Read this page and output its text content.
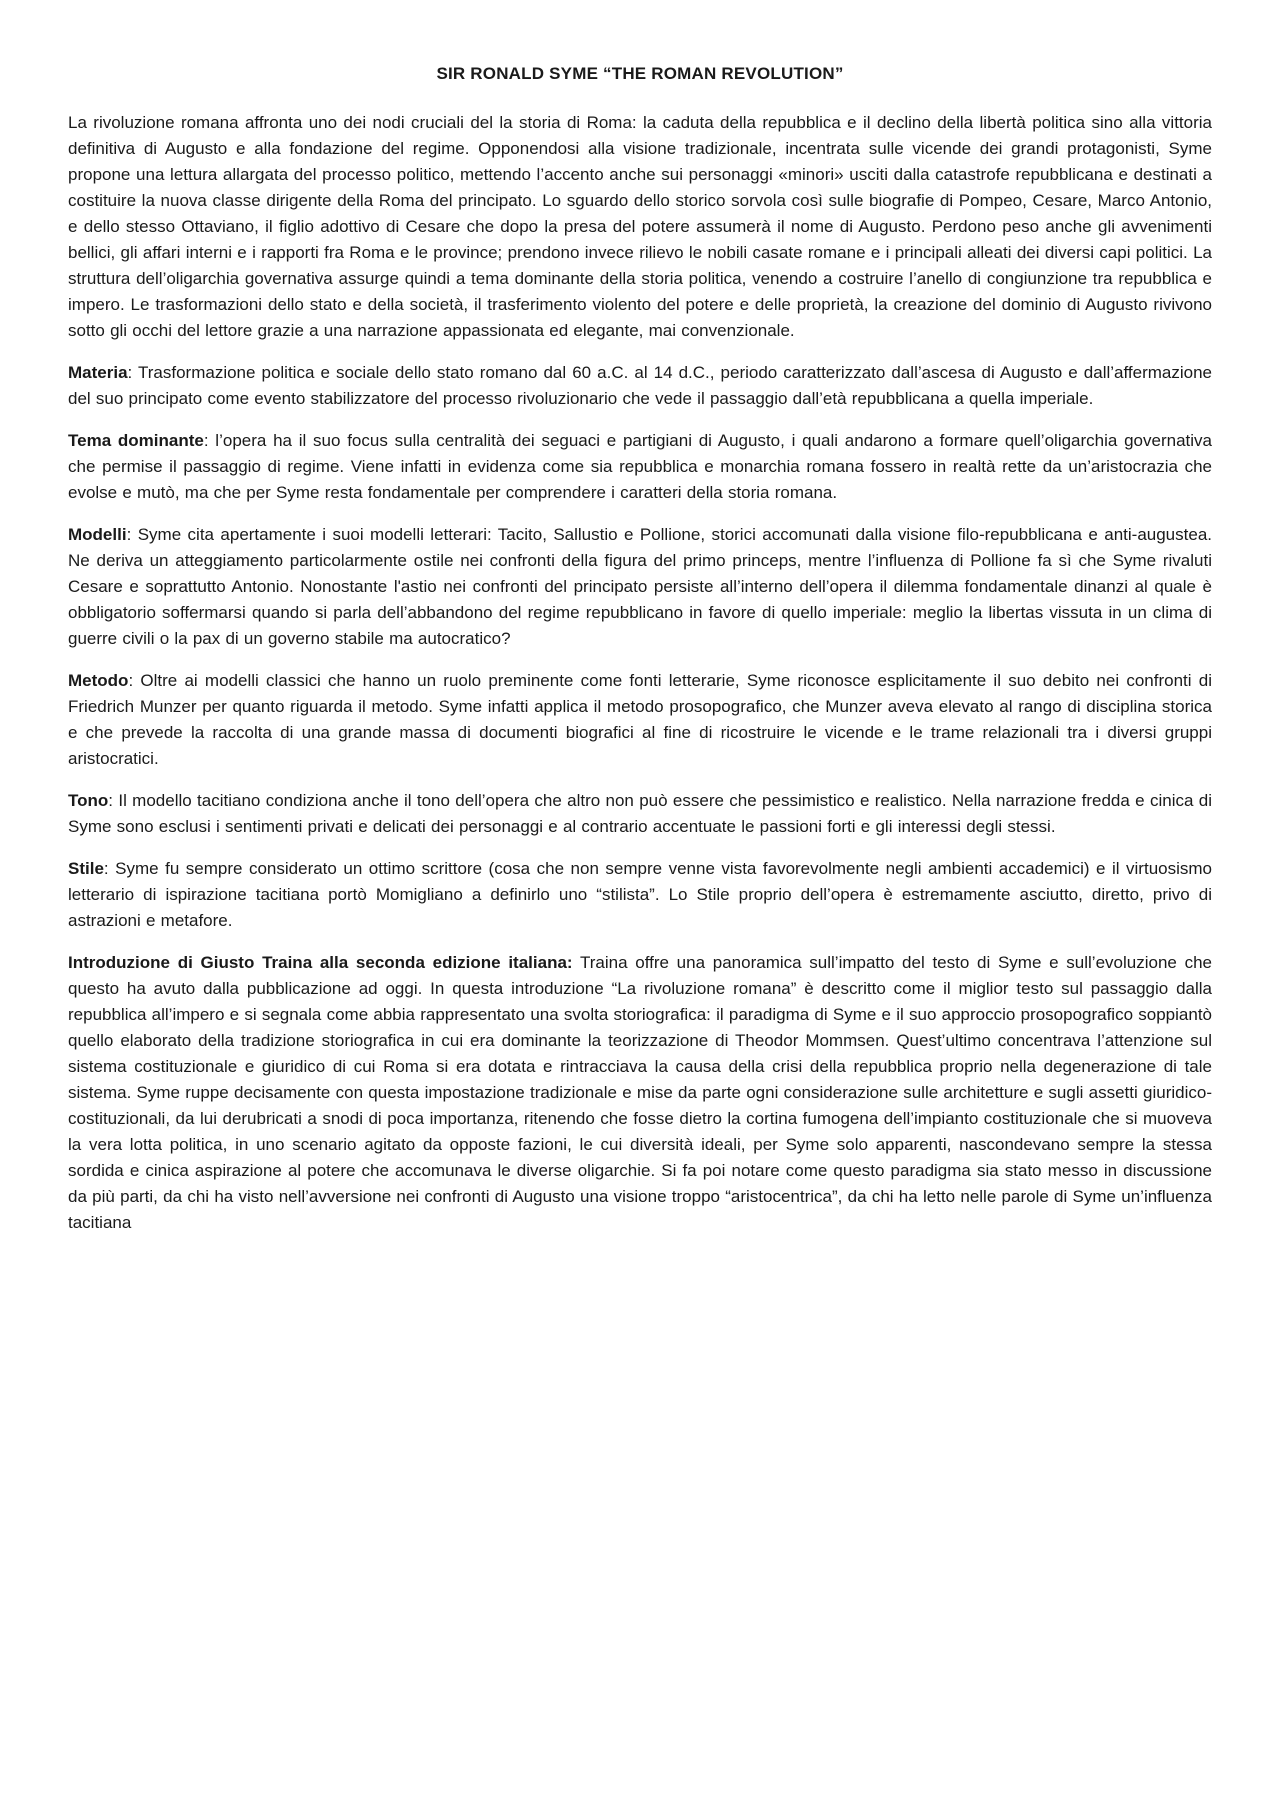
SIR RONALD SYME “THE ROMAN REVOLUTION”

La rivoluzione romana affronta uno dei nodi cruciali del la storia di Roma: la caduta della repubblica e il declino della libertà politica sino alla vittoria definitiva di Augusto e alla fondazione del regime. Opponendosi alla visione tradizionale, incentrata sulle vicende dei grandi protagonisti, Syme propone una lettura allargata del processo politico, mettendo l’accento anche sui personaggi «minori» usciti dalla catastrofe repubblicana e destinati a costituire la nuova classe dirigente della Roma del principato. Lo sguardo dello storico sorvola così sulle biografie di Pompeo, Cesare, Marco Antonio, e dello stesso Ottaviano, il figlio adottivo di Cesare che dopo la presa del potere assumerà il nome di Augusto. Perdono peso anche gli avvenimenti bellici, gli affari interni e i rapporti fra Roma e le province; prendono invece rilievo le nobili casate romane e i principali alleati dei diversi capi politici. La struttura dell’oligarchia governativa assurge quindi a tema dominante della storia politica, venendo a costruire l’anello di congiunzione tra repubblica e impero. Le trasformazioni dello stato e della società, il trasferimento violento del potere e delle proprietà, la creazione del dominio di Augusto rivivono sotto gli occhi del lettore grazie a una narrazione appassionata ed elegante, mai convenzionale.

Materia: Trasformazione politica e sociale dello stato romano dal 60 a.C. al 14 d.C., periodo caratterizzato dall’ascesa di Augusto e dall’affermazione del suo principato come evento stabilizzatore del processo rivoluzionario che vede il passaggio dall’età repubblicana a quella imperiale.

Tema dominante: l’opera ha il suo focus sulla centralità dei seguaci e partigiani di Augusto, i quali andarono a formare quell’oligarchia governativa che permise il passaggio di regime. Viene infatti in evidenza come sia repubblica e monarchia romana fossero in realtà rette da un’aristocrazia che evolse e mutò, ma che per Syme resta fondamentale per comprendere i caratteri della storia romana.

Modelli: Syme cita apertamente i suoi modelli letterari: Tacito, Sallustio e Pollione, storici accomunati dalla visione filo-repubblicana e anti-augustea. Ne deriva un atteggiamento particolarmente ostile nei confronti della figura del primo princeps, mentre l’influenza di Pollione fa sì che Syme rivaluti Cesare e soprattutto Antonio. Nonostante l'astio nei confronti del principato persiste all’interno dell’opera il dilemma fondamentale dinanzi al quale è obbligatorio soffermarsi quando si parla dell’abbandono del regime repubblicano in favore di quello imperiale: meglio la libertas vissuta in un clima di guerre civili o la pax di un governo stabile ma autocratico?

Metodo: Oltre ai modelli classici che hanno un ruolo preminente come fonti letterarie, Syme riconosce esplicitamente il suo debito nei confronti di Friedrich Munzer per quanto riguarda il metodo. Syme infatti applica il metodo prosopografico, che Munzer aveva elevato al rango di disciplina storica e che prevede la raccolta di una grande massa di documenti biografici al fine di ricostruire le vicende e le trame relazionali tra i diversi gruppi aristocratici.

Tono: Il modello tacitiano condiziona anche il tono dell’opera che altro non può essere che pessimistico e realistico. Nella narrazione fredda e cinica di Syme sono esclusi i sentimenti privati e delicati dei personaggi e al contrario accentuate le passioni forti e gli interessi degli stessi.

Stile: Syme fu sempre considerato un ottimo scrittore (cosa che non sempre venne vista favorevolmente negli ambienti accademici) e il virtuosismo letterario di ispirazione tacitiana portò Momigliano a definirlo uno “stilista”. Lo Stile proprio dell’opera è estremamente asciutto, diretto, privo di astrazioni e metafore.

Introduzione di Giusto Traina alla seconda edizione italiana: Traina offre una panoramica sull’impatto del testo di Syme e sull’evoluzione che questo ha avuto dalla pubblicazione ad oggi. In questa introduzione “La rivoluzione romana” è descritto come il miglior testo sul passaggio dalla repubblica all’impero e si segnala come abbia rappresentato una svolta storiografica: il paradigma di Syme e il suo approccio prosopografico soppiantò quello elaborato della tradizione storiografica in cui era dominante la teorizzazione di Theodor Mommsen. Quest’ultimo concentrava l’attenzione sul sistema costituzionale e giuridico di cui Roma si era dotata e rintracciava la causa della crisi della repubblica proprio nella degenerazione di tale sistema. Syme ruppe decisamente con questa impostazione tradizionale e mise da parte ogni considerazione sulle architetture e sugli assetti giuridico-costituzionali, da lui derubricati a snodi di poca importanza, ritenendo che fosse dietro la cortina fumogena dell’impianto costituzionale che si muoveva la vera lotta politica, in uno scenario agitato da opposte fazioni, le cui diversità ideali, per Syme solo apparenti, nascondevano sempre la stessa sordida e cinica aspirazione al potere che accomunava le diverse oligarchie. Si fa poi notare come questo paradigma sia stato messo in discussione da più parti, da chi ha visto nell’avversione nei confronti di Augusto una visione troppo “aristocentrica”, da chi ha letto nelle parole di Syme un’influenza tacitiana
